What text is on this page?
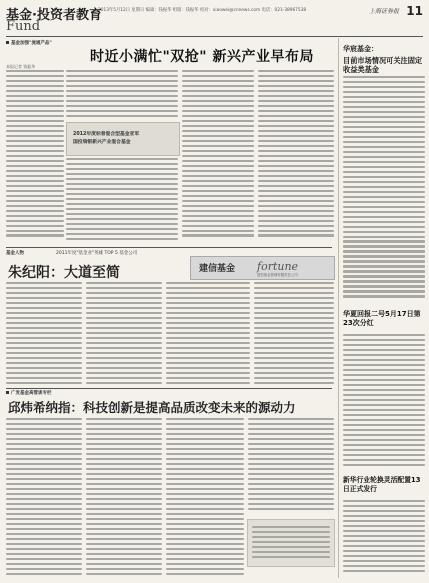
基金·投资者教育
Fund
2013年5月12日 星期日 编辑：钱振华 组版：钱振华 校对：xiaowei@cnnews.com 电话：021-38967538	上海证券报 11
基金加强"流通产品"
时近小满忙"双抢" 新兴产业早布局
本报记者 钱振华
2012年度标普混合型基金亚军
国投瑞银新兴产业混合基金
华宸基金：
目前市场情况可关注固定收益类基金
华夏回报二号5月17日第23次分红
新华行业轮换灵活配置13日正式发行
基金人物	2011年度"基金业"英雄 TOP 5 基金公司
朱纪阳：大道至简	建信基金 fortune
建信基金管理有限责任公司
广发基金高管谈专栏
邱炜希纳指：科技创新是提高品质改变未来的源动力
